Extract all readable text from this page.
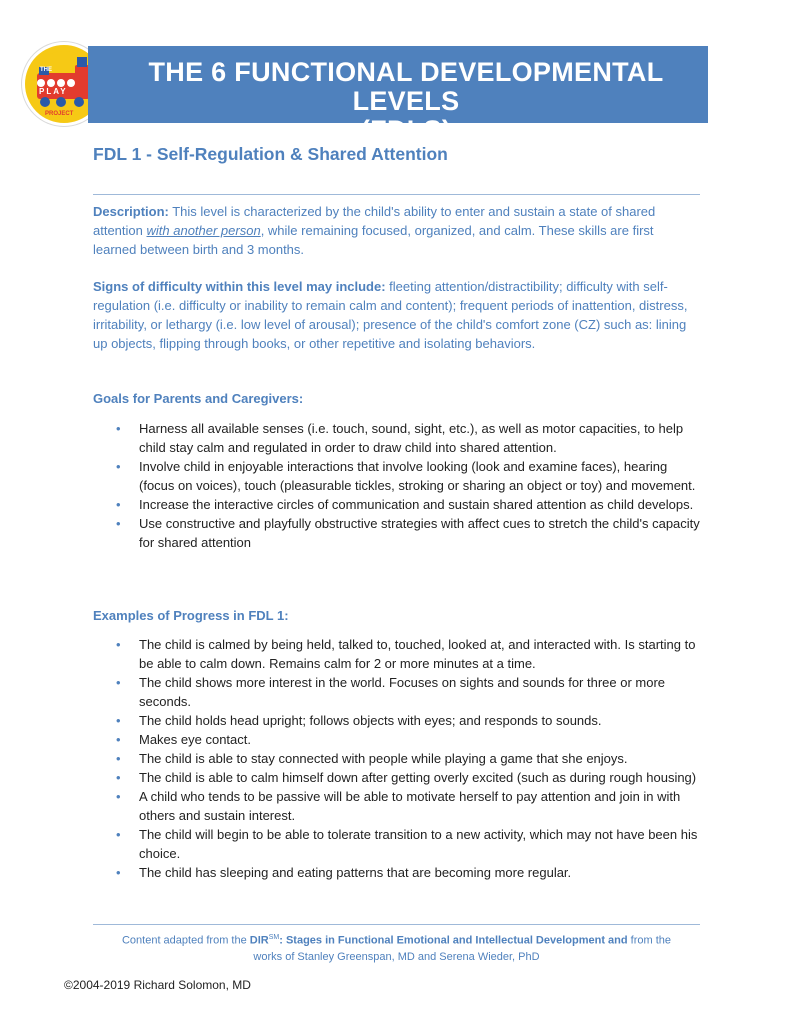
THE
PLAY
PROJECT
THE 6 FUNCTIONAL DEVELOPMENTAL LEVELS
(FDLS)
FDL 1 - Self-Regulation & Shared Attention
Description: This level is characterized by the child's ability to enter and sustain a state of shared attention with another person, while remaining focused, organized, and calm. These skills are first learned between birth and 3 months.
Signs of difficulty within this level may include: fleeting attention/distractibility; difficulty with self-regulation (i.e. difficulty or inability to remain calm and content); frequent periods of inattention, distress, irritability, or lethargy (i.e. low level of arousal); presence of the child's comfort zone (CZ) such as: lining up objects, flipping through books, or other repetitive and isolating behaviors.
Goals for Parents and Caregivers:
• Harness all available senses (i.e. touch, sound, sight, etc.), as well as motor capacities, to help child stay calm and regulated in order to draw child into shared attention.
• Involve child in enjoyable interactions that involve looking (look and examine faces), hearing (focus on voices), touch (pleasurable tickles, stroking or sharing an object or toy) and movement.
• Increase the interactive circles of communication and sustain shared attention as child develops.
• Use constructive and playfully obstructive strategies with affect cues to stretch the child's capacity for shared attention
Examples of Progress in FDL 1:
• The child is calmed by being held, talked to, touched, looked at, and interacted with. Is starting to be able to calm down. Remains calm for 2 or more minutes at a time.
• The child shows more interest in the world. Focuses on sights and sounds for three or more seconds.
• The child holds head upright; follows objects with eyes; and responds to sounds.
• Makes eye contact.
• The child is able to stay connected with people while playing a game that she enjoys.
• The child is able to calm himself down after getting overly excited (such as during rough housing)
• A child who tends to be passive will be able to motivate herself to pay attention and join in with others and sustain interest.
• The child will begin to be able to tolerate transition to a new activity, which may not have been his choice.
• The child has sleeping and eating patterns that are becoming more regular.
Content adapted from the DIR℠: Stages in Functional Emotional and Intellectual Development and from the
works of Stanley Greenspan, MD and Serena Wieder, PhD
©2004-2019 Richard Solomon, MD
